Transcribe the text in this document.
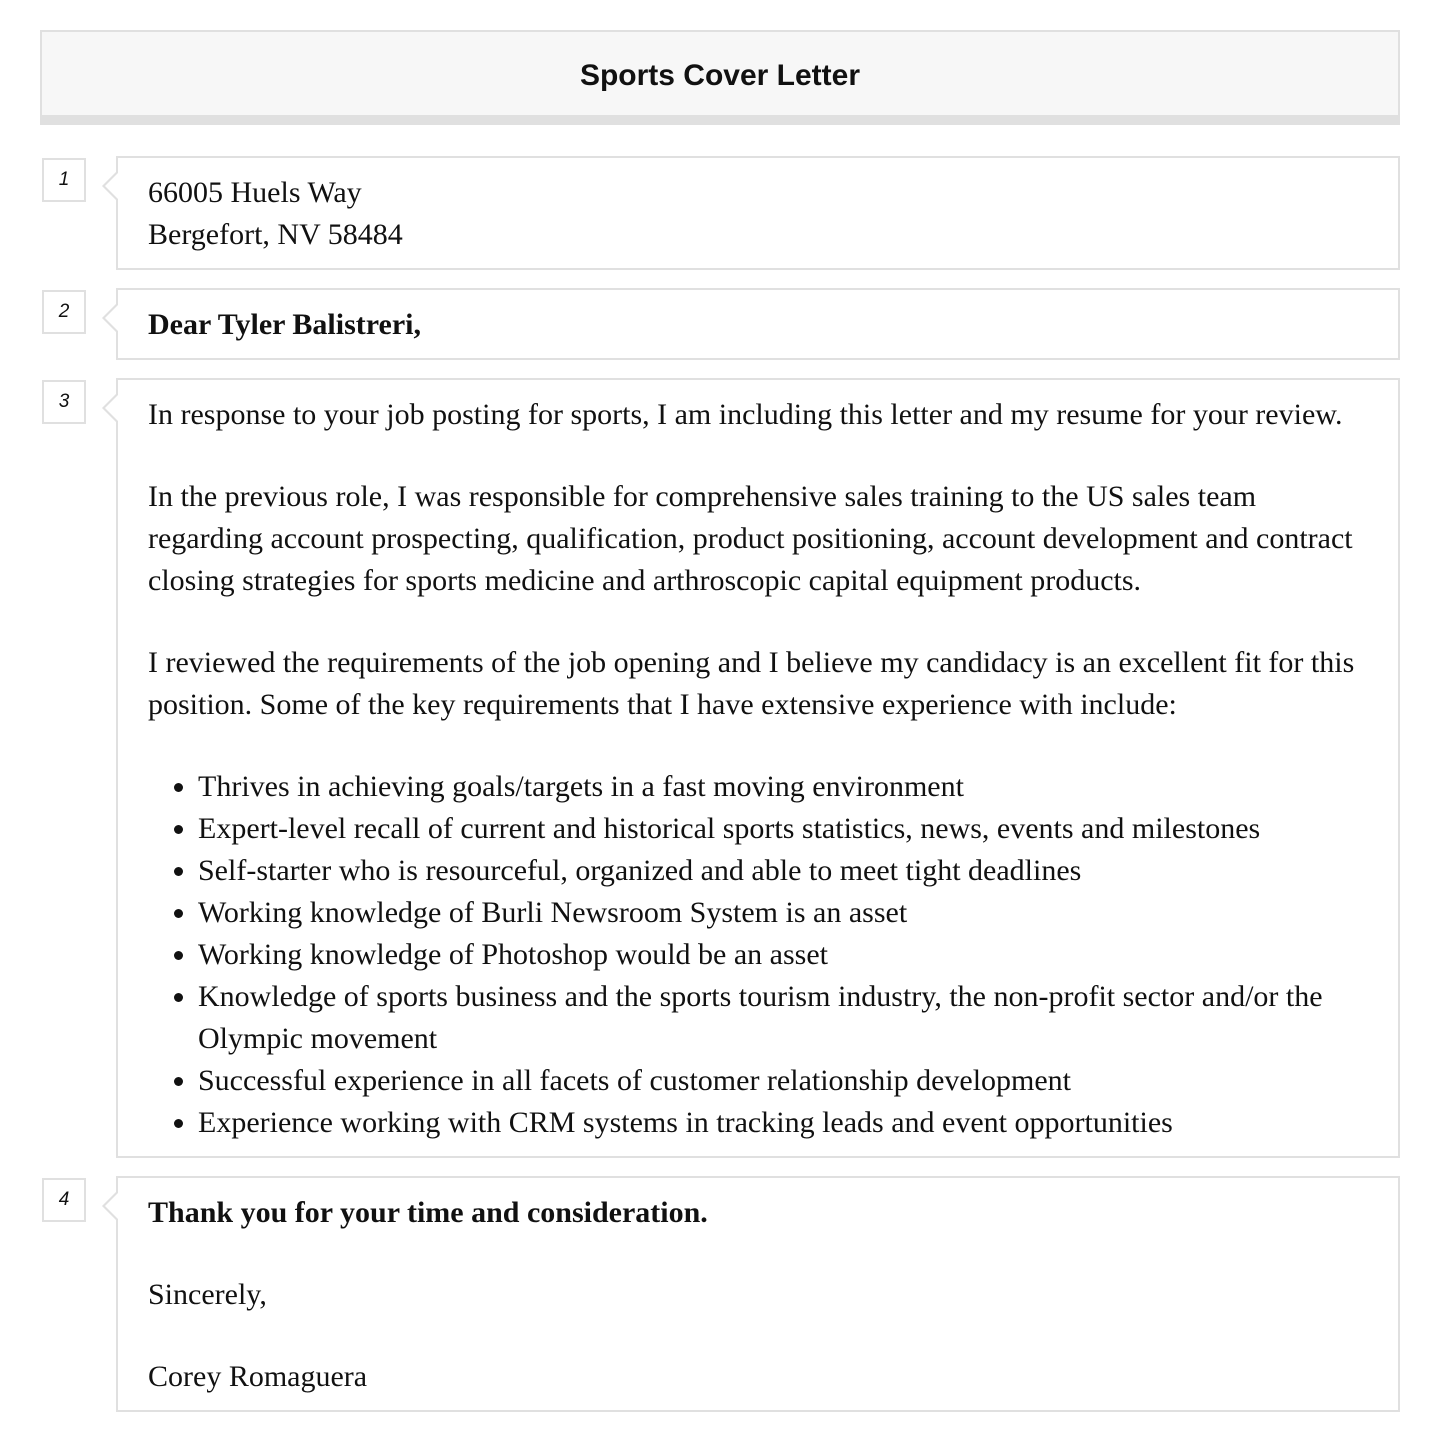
Sports Cover Letter
1	66005 Huels Way

Bergefort, NV 58484

2	Dear Tyler Balistreri,

3	In response to your job posting for sports, I am including this letter and my resume for your review.

In the previous role, I was responsible for comprehensive sales training to the US sales team regarding account prospecting, qualification, product positioning, account development and contract closing strategies for sports medicine and arthroscopic capital equipment products.

I reviewed the requirements of the job opening and I believe my candidacy is an excellent fit for this position. Some of the key requirements that I have extensive experience with include:

• Thrives in achieving goals/targets in a fast moving environment
• Expert-level recall of current and historical sports statistics, news, events and milestones
• Self-starter who is resourceful, organized and able to meet tight deadlines
• Working knowledge of Burli Newsroom System is an asset
• Working knowledge of Photoshop would be an asset
• Knowledge of sports business and the sports tourism industry, the non-profit sector and/or the Olympic movement
• Successful experience in all facets of customer relationship development
• Experience working with CRM systems in tracking leads and event opportunities
4	Thank you for your time and consideration.

Sincerely,

Corey Romaguera
